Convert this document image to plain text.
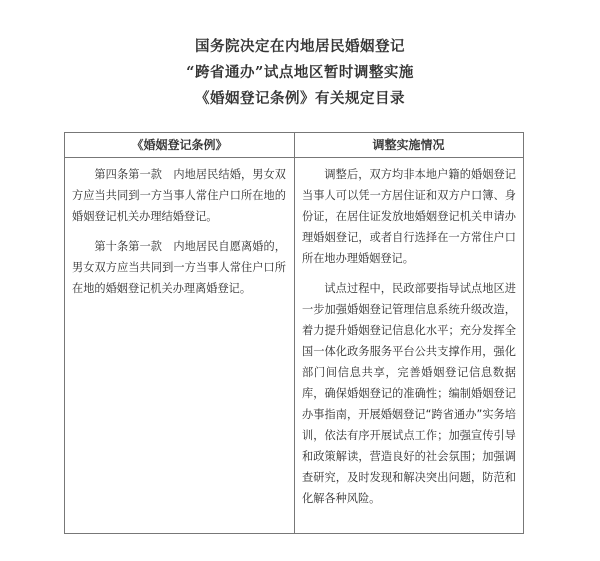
国务院决定在内地居民婚姻登记
“跨省通办”试点地区暂时调整实施
《婚姻登记条例》有关规定目录
《婚姻登记条例》	调整实施情况

第四条第一款　内地居民结婚，男女双方应当共同到一方当事人常住户口所在地的婚姻登记机关办理结婚登记。

第十条第一款　内地居民自愿离婚的，男女双方应当共同到一方当事人常住户口所在地的婚姻登记机关办理离婚登记。

调整后，双方均非本地户籍的婚姻登记当事人可以凭一方居住证和双方户口簿、身份证，在居住证发放地婚姻登记机关申请办理婚姻登记，或者自行选择在一方常住户口所在地办理婚姻登记。

试点过程中，民政部要指导试点地区进一步加强婚姻登记管理信息系统升级改造，着力提升婚姻登记信息化水平；充分发挥全国一体化政务服务平台公共支撑作用，强化部门间信息共享，完善婚姻登记信息数据库，确保婚姻登记的准确性；编制婚姻登记办事指南，开展婚姻登记“跨省通办”实务培训，依法有序开展试点工作；加强宣传引导和政策解读，营造良好的社会氛围；加强调查研究，及时发现和解决突出问题，防范和化解各种风险。
